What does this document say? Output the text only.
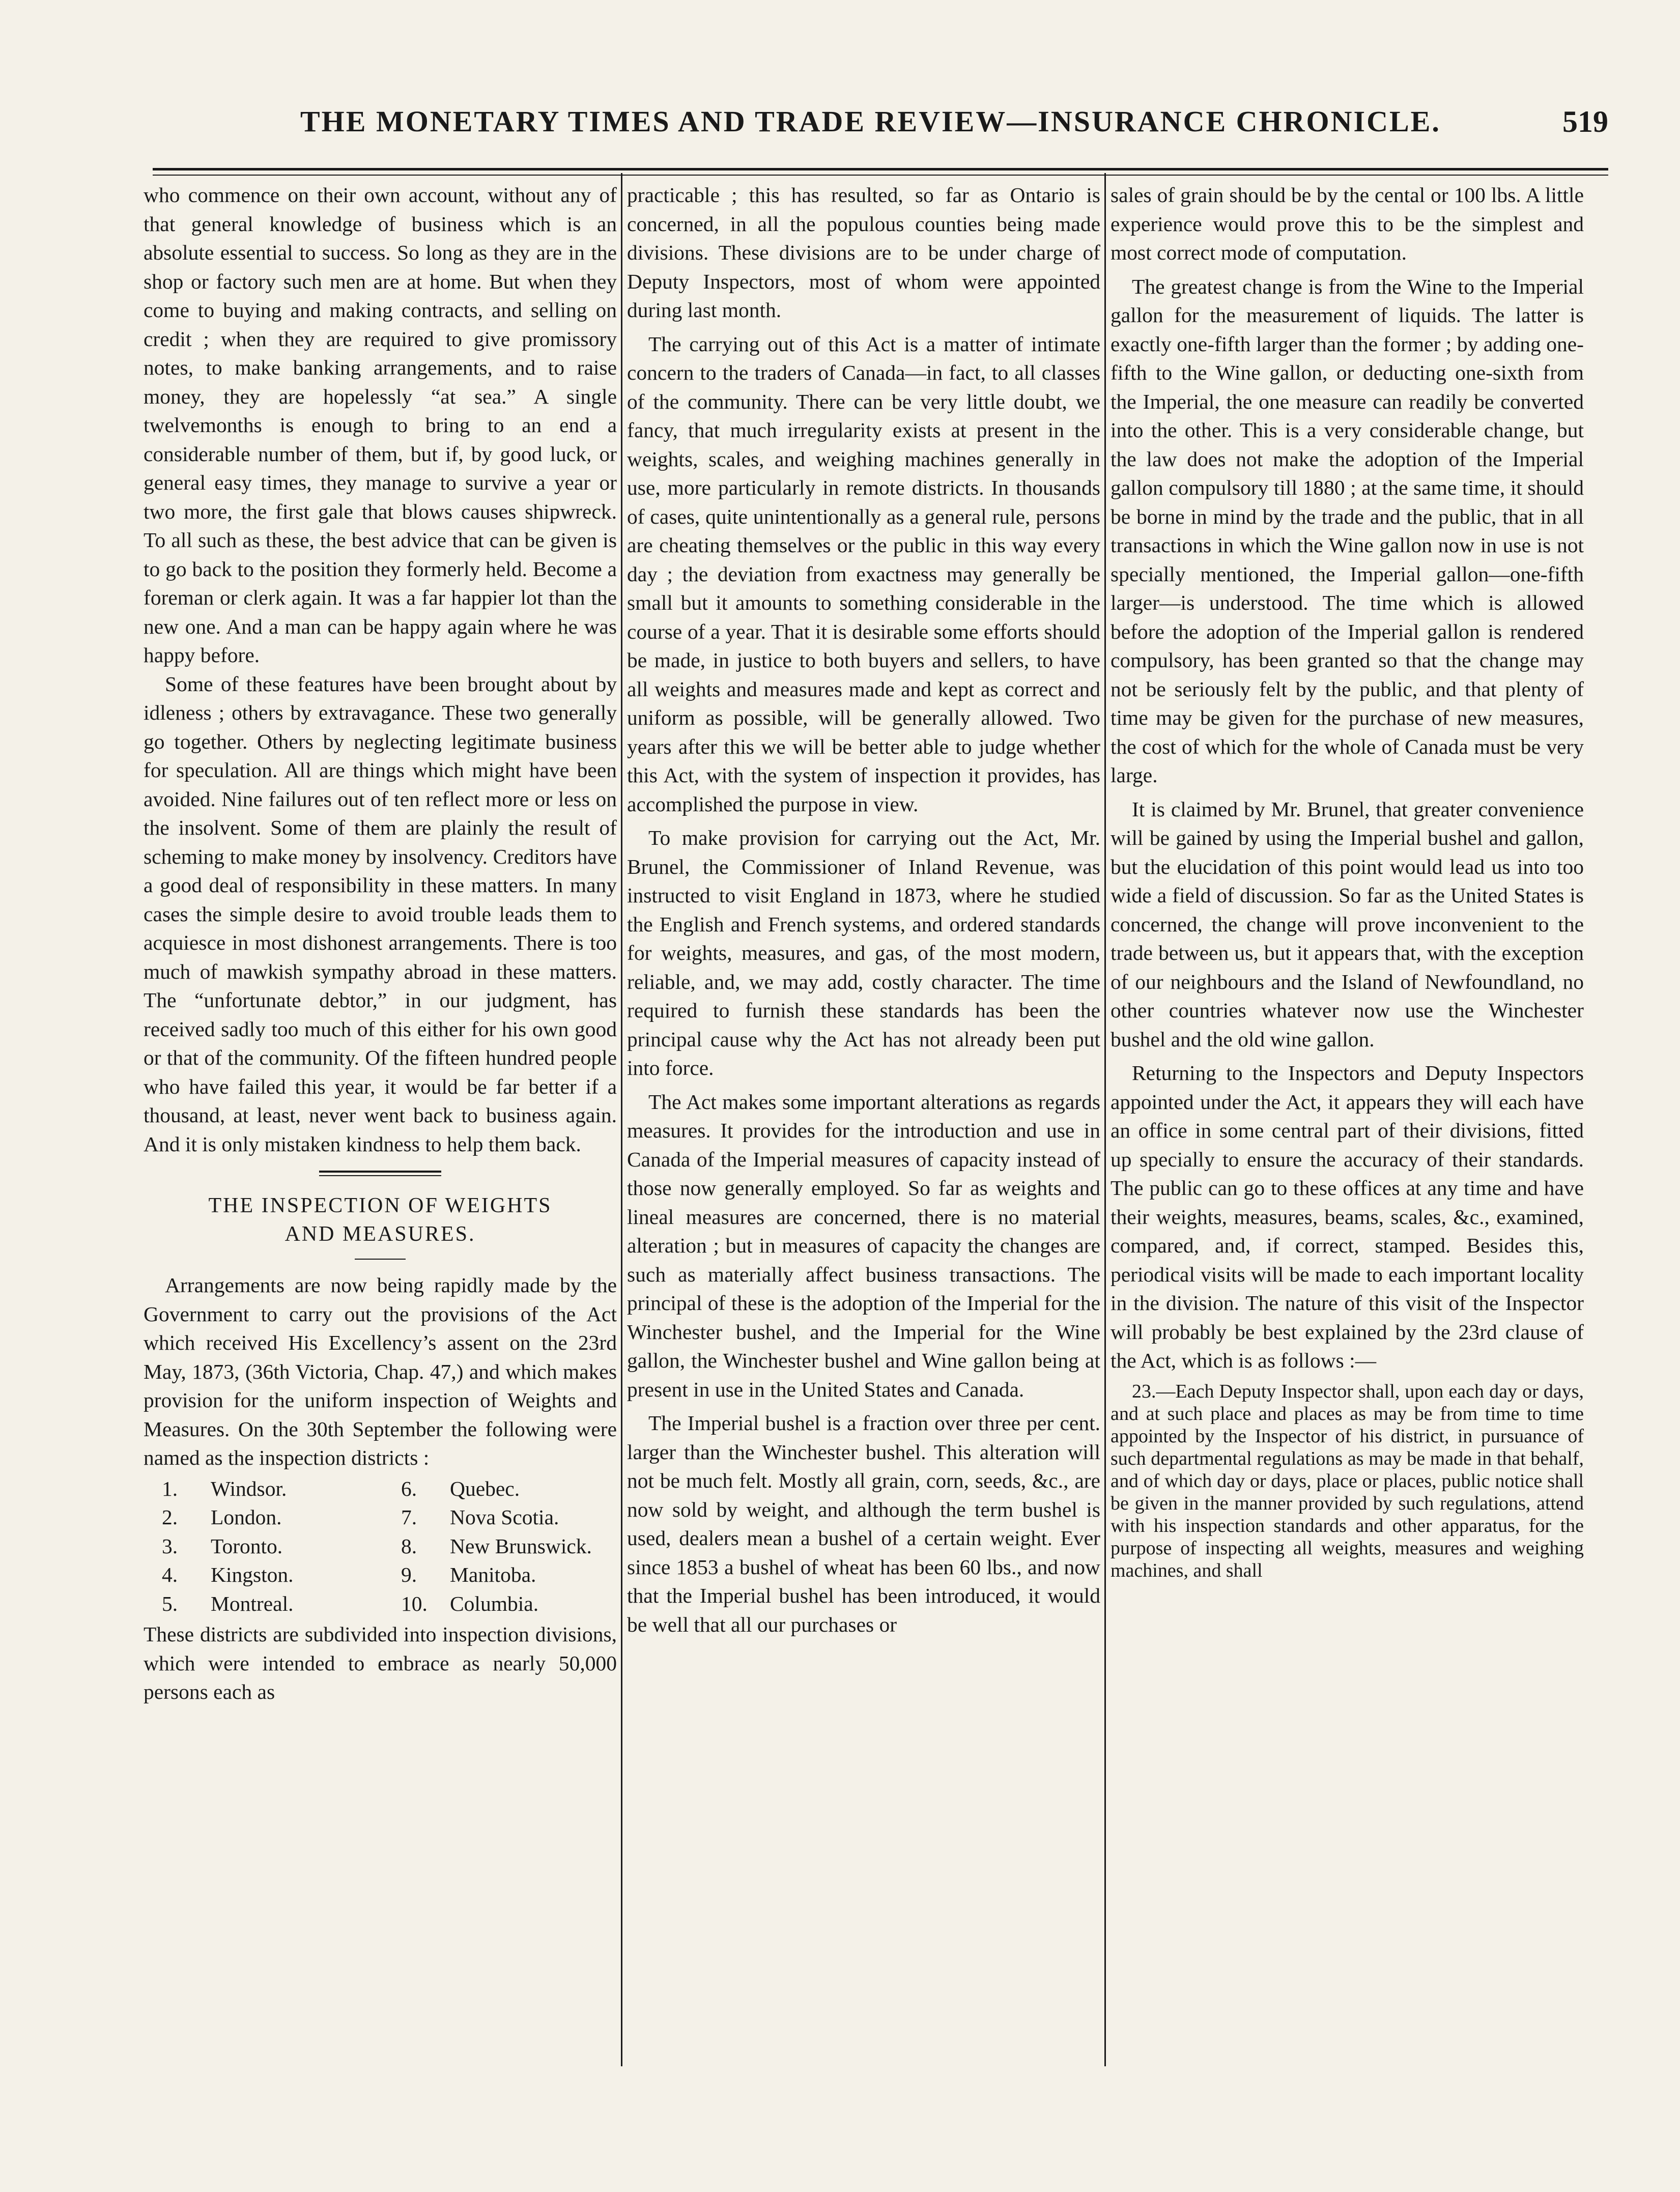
THE MONETARY TIMES AND TRADE REVIEW—INSURANCE CHRONICLE.	519

who commence on their own account, without any of that general knowledge of business which is an absolute essential to success. So long as they are in the shop or factory such men are at home. But when they come to buying and making contracts, and selling on credit ; when they are required to give promissory notes, to make banking arrangements, and to raise money, they are hopelessly “at sea.” A single twelvemonths is enough to bring to an end a considerable number of them, but if, by good luck, or general easy times, they manage to survive a year or two more, the first gale that blows causes shipwreck. To all such as these, the best advice that can be given is to go back to the position they formerly held. Become a foreman or clerk again. It was a far happier lot than the new one. And a man can be happy again where he was happy before.

Some of these features have been brought about by idleness ; others by extravagance. These two generally go together. Others by neglecting legitimate business for speculation. All are things which might have been avoided. Nine failures out of ten reflect more or less on the insolvent. Some of them are plainly the result of scheming to make money by insolvency. Creditors have a good deal of responsibility in these matters. In many cases the simple desire to avoid trouble leads them to acquiesce in most dishonest arrangements. There is too much of mawkish sympathy abroad in these matters. The “unfortunate debtor,” in our judgment, has received sadly too much of this either for his own good or that of the community. Of the fifteen hundred people who have failed this year, it would be far better if a thousand, at least, never went back to business again. And it is only mistaken kindness to help them back.

THE INSPECTION OF WEIGHTS
AND MEASURES.

Arrangements are now being rapidly made by the Government to carry out the provisions of the Act which received His Excellency’s assent on the 23rd May, 1873, (36th Victoria, Chap. 47,) and which makes provision for the uniform inspection of Weights and Measures. On the 30th September the following were named as the inspection districts :

1.	Windsor.	6.	Quebec.
2.	London.	7.	Nova Scotia.
3.	Toronto.	8.	New Brunswick.
4.	Kingston.	9.	Manitoba.
5.	Montreal.	10.	Columbia.

These districts are subdivided into inspection divisions, which were intended to embrace as nearly 50,000 persons each as

practicable ; this has resulted, so far as Ontario is concerned, in all the populous counties being made divisions. These divisions are to be under charge of Deputy Inspectors, most of whom were appointed during last month.

The carrying out of this Act is a matter of intimate concern to the traders of Canada—in fact, to all classes of the community. There can be very little doubt, we fancy, that much irregularity exists at present in the weights, scales, and weighing machines generally in use, more particularly in remote districts. In thousands of cases, quite unintentionally as a general rule, persons are cheating themselves or the public in this way every day ; the deviation from exactness may generally be small but it amounts to something considerable in the course of a year. That it is desirable some efforts should be made, in justice to both buyers and sellers, to have all weights and measures made and kept as correct and uniform as possible, will be generally allowed. Two years after this we will be better able to judge whether this Act, with the system of inspection it provides, has accomplished the purpose in view.

To make provision for carrying out the Act, Mr. Brunel, the Commissioner of Inland Revenue, was instructed to visit England in 1873, where he studied the English and French systems, and ordered standards for weights, measures, and gas, of the most modern, reliable, and, we may add, costly character. The time required to furnish these standards has been the principal cause why the Act has not already been put into force.

The Act makes some important alterations as regards measures. It provides for the introduction and use in Canada of the Imperial measures of capacity instead of those now generally employed. So far as weights and lineal measures are concerned, there is no material alteration ; but in measures of capacity the changes are such as materially affect business transactions. The principal of these is the adoption of the Imperial for the Winchester bushel, and the Imperial for the Wine gallon, the Winchester bushel and Wine gallon being at present in use in the United States and Canada.

The Imperial bushel is a fraction over three per cent. larger than the Winchester bushel. This alteration will not be much felt. Mostly all grain, corn, seeds, &c., are now sold by weight, and although the term bushel is used, dealers mean a bushel of a certain weight. Ever since 1853 a bushel of wheat has been 60 lbs., and now that the Imperial bushel has been introduced, it would be well that all our purchases or

sales of grain should be by the cental or 100 lbs. A little experience would prove this to be the simplest and most correct mode of computation.

The greatest change is from the Wine to the Imperial gallon for the measurement of liquids. The latter is exactly one-fifth larger than the former ; by adding one-fifth to the Wine gallon, or deducting one-sixth from the Imperial, the one measure can readily be converted into the other. This is a very considerable change, but the law does not make the adoption of the Imperial gallon compulsory till 1880 ; at the same time, it should be borne in mind by the trade and the public, that in all transactions in which the Wine gallon now in use is not specially mentioned, the Imperial gallon—one-fifth larger—is understood. The time which is allowed before the adoption of the Imperial gallon is rendered compulsory, has been granted so that the change may not be seriously felt by the public, and that plenty of time may be given for the purchase of new measures, the cost of which for the whole of Canada must be very large.

It is claimed by Mr. Brunel, that greater convenience will be gained by using the Imperial bushel and gallon, but the elucidation of this point would lead us into too wide a field of discussion. So far as the United States is concerned, the change will prove inconvenient to the trade between us, but it appears that, with the exception of our neighbours and the Island of Newfoundland, no other countries whatever now use the Winchester bushel and the old wine gallon.

Returning to the Inspectors and Deputy Inspectors appointed under the Act, it appears they will each have an office in some central part of their divisions, fitted up specially to ensure the accuracy of their standards. The public can go to these offices at any time and have their weights, measures, beams, scales, &c., examined, compared, and, if correct, stamped. Besides this, periodical visits will be made to each important locality in the division. The nature of this visit of the Inspector will probably be best explained by the 23rd clause of the Act, which is as follows :—

23.—Each Deputy Inspector shall, upon each day or days, and at such place and places as may be from time to time appointed by the Inspector of his district, in pursuance of such departmental regulations as may be made in that behalf, and of which day or days, place or places, public notice shall be given in the manner provided by such regulations, attend with his inspection standards and other apparatus, for the purpose of inspecting all weights, measures and weighing machines, and shall
